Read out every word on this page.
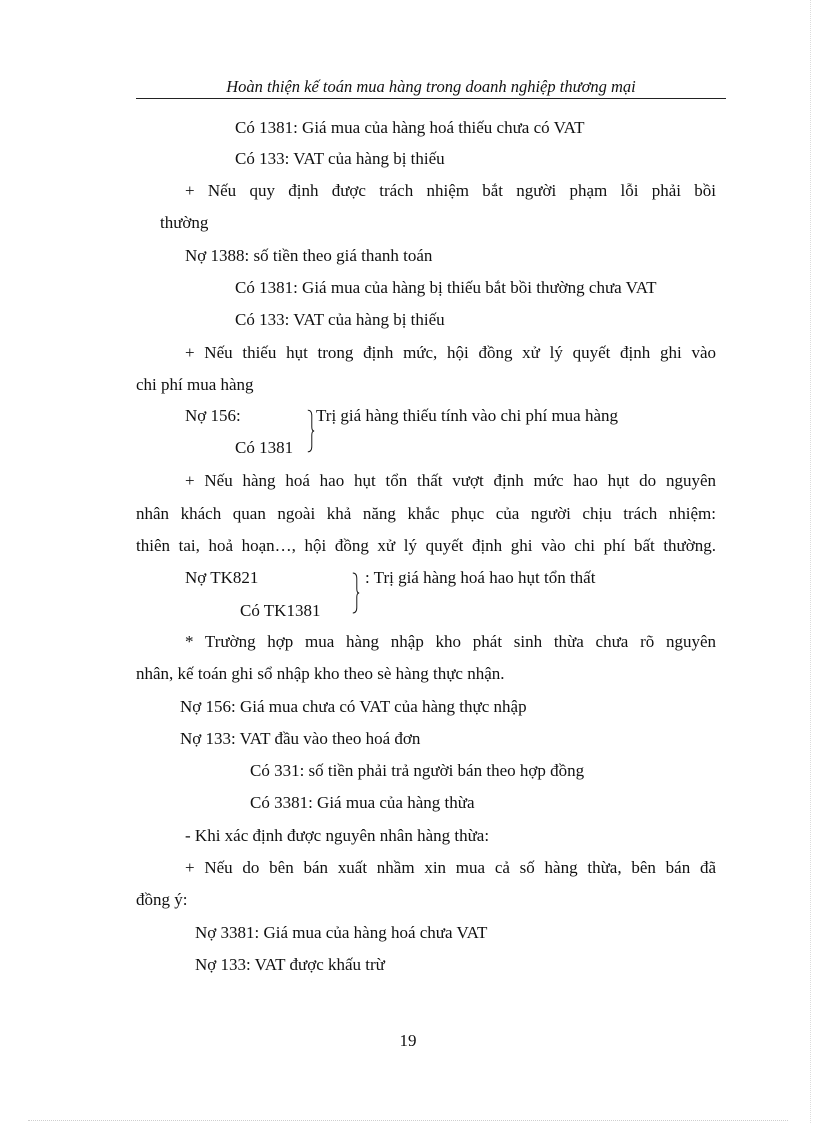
Hoàn thiện kế toán mua hàng trong doanh nghiệp thương mại
Có 1381: Giá mua của hàng hoá thiếu chưa có VAT
Có 133: VAT của hàng bị thiếu
+ Nếu quy định được trách nhiệm bắt người phạm lỗi phải bồi
thường
Nợ 1388: số tiền theo giá thanh toán
Có 1381: Giá mua của hàng bị thiếu bắt bồi thường chưa VAT
Có 133: VAT của hàng bị thiếu
+ Nếu thiếu hụt trong định mức, hội đồng xử lý quyết định ghi vào
chi phí mua hàng
Nợ 156:	Trị giá hàng thiếu tính vào chi phí mua hàng
Có 1381
+ Nếu hàng hoá hao hụt tổn thất vượt định mức hao hụt do nguyên
nhân khách quan ngoài khả năng khắc phục của người chịu trách nhiệm:
thiên tai, hoả hoạn…, hội đồng xử lý quyết định ghi vào chi phí bất thường.
Nợ TK821	: Trị giá hàng hoá hao hụt tổn thất
Có TK1381
* Trường hợp mua hàng nhập kho phát sinh thừa chưa rõ nguyên
nhân, kế toán ghi sổ nhập kho theo sè hàng thực nhận.
Nợ 156: Giá mua chưa có VAT của hàng thực nhập
Nợ 133: VAT đầu vào theo hoá đơn
Có 331: số tiền phải trả người bán theo hợp đồng
Có 3381: Giá mua của hàng thừa
- Khi xác định được nguyên nhân hàng thừa:
+ Nếu do bên bán xuất nhầm xin mua cả số hàng thừa, bên bán đã
đồng ý:
Nợ 3381: Giá mua của hàng hoá chưa VAT
Nợ 133: VAT được khấu trừ
19
